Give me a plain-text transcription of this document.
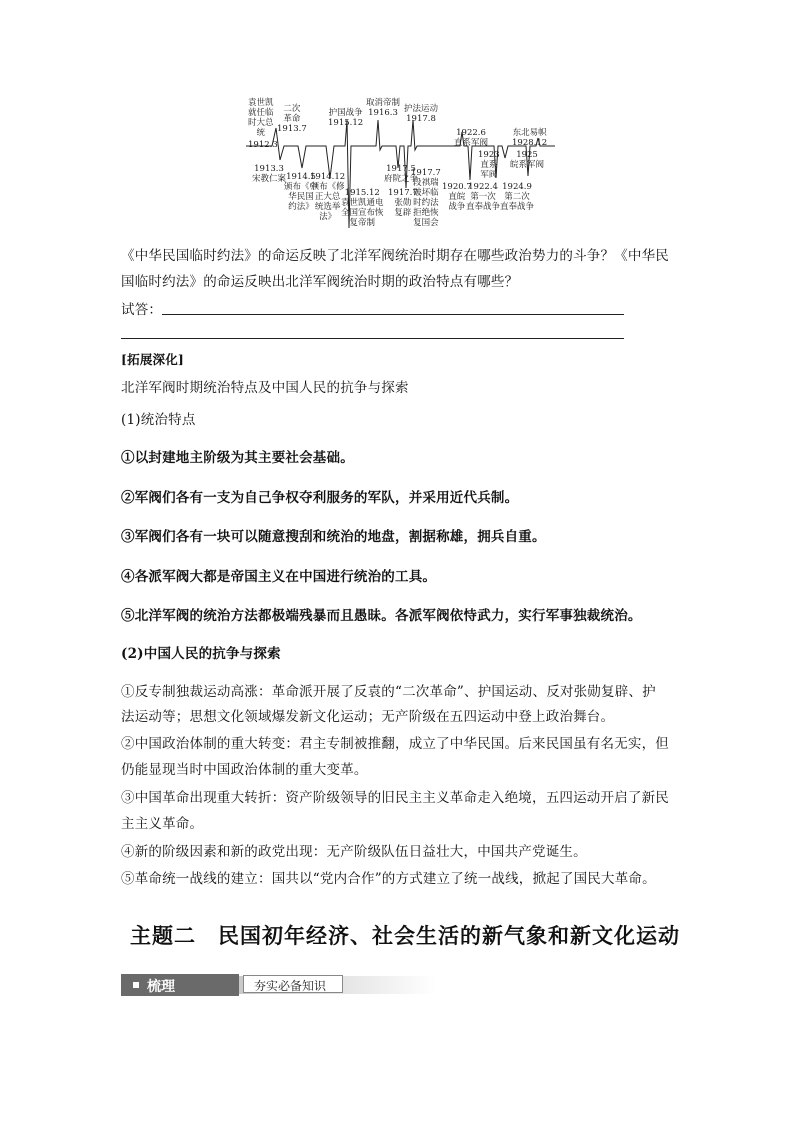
袁世凯
就任临
时大总
统
1912.3
二次
革命
1913.7
1913.3
宋教仁案 1914.5
颁布《中
华民国
约法》
1914.12
颁布《修
正大总
统选举
法》
护国战争
1915.12
1915.12
袁世凯通电
全国宣布恢
复帝制
取消帝制
1916.3
1917.5
府院之争
1917.7
张勋
复辟
护法运动
1917.8
1917.7
段祺瑞
破坏临
时约法
拒绝恢
复国会
1922.6
直系军阀
1920.7
直皖
战争
1923
直系
军阀
1922.4
第一次
直奉战争
东北易帜
1928.12
1925
皖系军阀
1924.9
第二次
直奉战争
《中华民国临时约法》的命运反映了北洋军阀统治时期存在哪些政治势力的斗争？《中华民
国临时约法》的命运反映出北洋军阀统治时期的政治特点有哪些？
试答：
[拓展深化]
北洋军阀时期统治特点及中国人民的抗争与探索
(1)统治特点
①以封建地主阶级为其主要社会基础。
②军阀们各有一支为自己争权夺利服务的军队，并采用近代兵制。
③军阀们各有一块可以随意搜刮和统治的地盘，割据称雄，拥兵自重。
④各派军阀大都是帝国主义在中国进行统治的工具。
⑤北洋军阀的统治方法都极端残暴而且愚昧。各派军阀依恃武力，实行军事独裁统治。
(2)中国人民的抗争与探索
①反专制独裁运动高涨：革命派开展了反袁的“二次革命”、护国运动、反对张勋复辟、护
法运动等；思想文化领域爆发新文化运动；无产阶级在五四运动中登上政治舞台。
②中国政治体制的重大转变：君主专制被推翻，成立了中华民国。后来民国虽有名无实，但
仍能显现当时中国政治体制的重大变革。
③中国革命出现重大转折：资产阶级领导的旧民主主义革命走入绝境，五四运动开启了新民
主主义革命。
④新的阶级因素和新的政党出现：无产阶级队伍日益壮大，中国共产党诞生。
⑤革命统一战线的建立：国共以“党内合作”的方式建立了统一战线，掀起了国民大革命。
主题二　民国初年经济、社会生活的新气象和新文化运动
梳理	夯实必备知识
